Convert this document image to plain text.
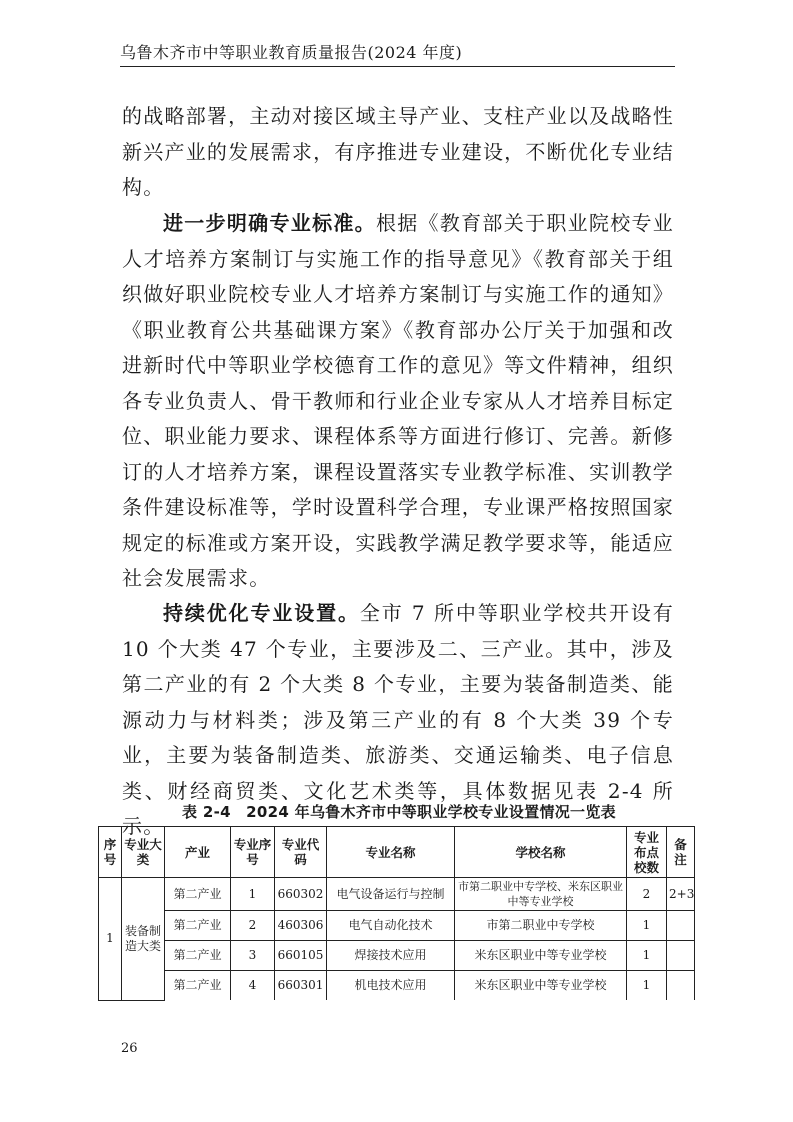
乌鲁木齐市中等职业教育质量报告(2024 年度)
的战略部署，主动对接区域主导产业、支柱产业以及战略性新兴产业的发展需求，有序推进专业建设，不断优化专业结构。
进一步明确专业标准。根据《教育部关于职业院校专业人才培养方案制订与实施工作的指导意见》《教育部关于组织做好职业院校专业人才培养方案制订与实施工作的通知》《职业教育公共基础课方案》《教育部办公厅关于加强和改进新时代中等职业学校德育工作的意见》等文件精神，组织各专业负责人、骨干教师和行业企业专家从人才培养目标定位、职业能力要求、课程体系等方面进行修订、完善。新修订的人才培养方案，课程设置落实专业教学标准、实训教学条件建设标准等，学时设置科学合理，专业课严格按照国家规定的标准或方案开设，实践教学满足教学要求等，能适应社会发展需求。
持续优化专业设置。全市 7 所中等职业学校共开设有 10 个大类 47 个专业，主要涉及二、三产业。其中，涉及第二产业的有 2 个大类 8 个专业，主要为装备制造类、能源动力与材料类；涉及第三产业的有 8 个大类 39 个专业，主要为装备制造类、旅游类、交通运输类、电子信息类、财经商贸类、文化艺术类等，具体数据见表 2-4 所示。
表 2-4　2024 年乌鲁木齐市中等职业学校专业设置情况一览表
序号	专业大类	产业	专业序号	专业代码	专业名称	学校名称	专业布点校数	备注
1	装备制造大类	第二产业	1	660302	电气设备运行与控制	市第二职业中专学校、米东区职业中等专业学校	2	2+3
		第二产业	2	460306	电气自动化技术	市第二职业中专学校	1	
		第二产业	3	660105	焊接技术应用	米东区职业中等专业学校	1	
		第二产业	4	660301	机电技术应用	米东区职业中等专业学校	1	
26
